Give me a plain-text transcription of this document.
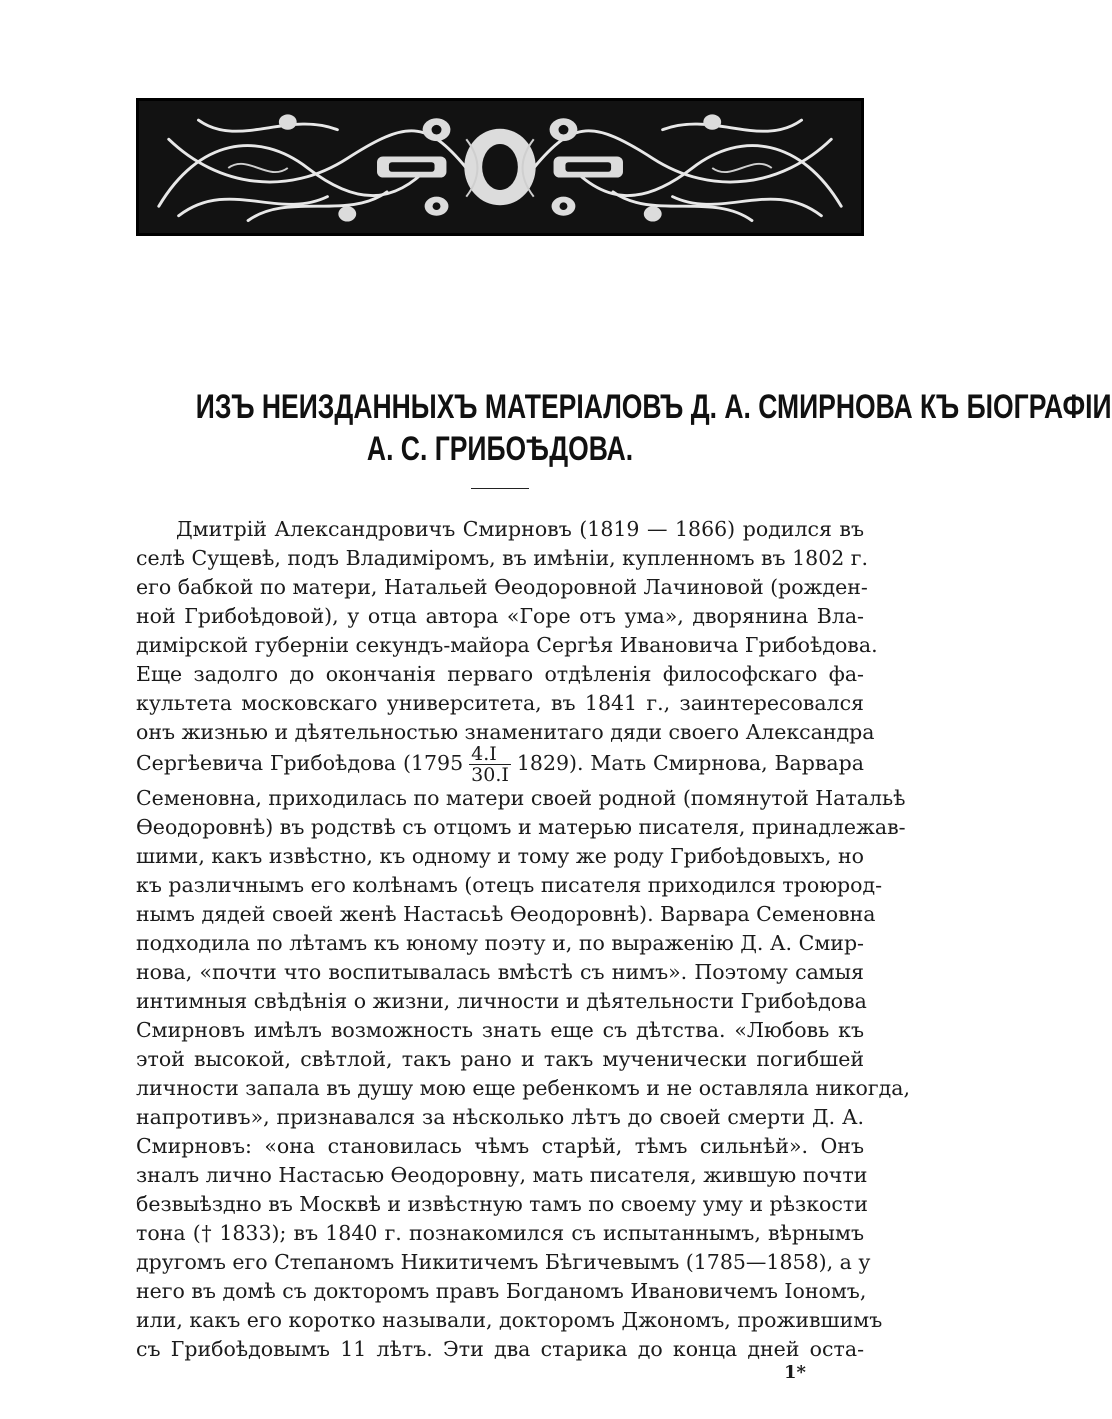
ИЗЪ НЕИЗДАННЫХЪ МАТЕРІАЛОВЪ Д. А. СМИРНОВА КЪ БІОГРАФІИ
А. С. ГРИБОѢДОВА.
Дмитрій Александровичъ Смирновъ (1819 — 1866) родился въ
селѣ Сущевѣ, подъ Владиміромъ, въ имѣніи, купленномъ въ 1802 г.
его бабкой по матери, Натальей Ѳеодоровной Лачиновой (рожден-
ной Грибоѣдовой), у отца автора «Горе отъ ума», дворянина Вла-
димірской губерніи секундъ-майора Сергѣя Ивановича Грибоѣдова.
Еще задолго до окончанія перваго отдѣленія философскаго фа-
культета московскаго университета, въ 1841 г., заинтересовался
онъ жизнью и дѣятельностью знаменитаго дяди своего Александра
Сергѣевича Грибоѣдова $(1795 \frac{4.I}{30.I} 1829)$. Мать Смирнова, Варвара
Семеновна, приходилась по матери своей родной (помянутой Натальѣ
Ѳеодоровнѣ) въ родствѣ съ отцомъ и матерью писателя, принадлежав-
шими, какъ извѣстно, къ одному и тому же роду Грибоѣдовыхъ, но
къ различнымъ его колѣнамъ (отецъ писателя приходился троюрод-
нымъ дядей своей женѣ Настасьѣ Ѳеодоровнѣ). Варвара Семеновна
подходила по лѣтамъ къ юному поэту и, по выраженію Д. А. Смир-
нова, «почти что воспитывалась вмѣстѣ съ нимъ». Поэтому самыя
интимныя свѣдѣнія о жизни, личности и дѣятельности Грибоѣдова
Смирновъ имѣлъ возможность знать еще съ дѣтства. «Любовь къ
этой высокой, свѣтлой, такъ рано и такъ мученически погибшей
личности запала въ душу мою еще ребенкомъ и не оставляла никогда,
напротивъ», признавался за нѣсколько лѣтъ до своей смерти Д. А.
Смирновъ: «она становилась чѣмъ старѣй, тѣмъ сильнѣй». Онъ
зналъ лично Настасью Ѳеодоровну, мать писателя, жившую почти
безвыѣздно въ Москвѣ и извѣстную тамъ по своему уму и рѣзкости
тона († 1833); въ 1840 г. познакомился съ испытаннымъ, вѣрнымъ
другомъ его Степаномъ Никитичемъ Бѣгичевымъ (1785—1858), а у
него въ домѣ съ докторомъ правъ Богданомъ Ивановичемъ Іономъ,
или, какъ его коротко называли, докторомъ Джономъ, прожившимъ
съ Грибоѣдовымъ 11 лѣтъ. Эти два старика до конца дней оста-
1*
